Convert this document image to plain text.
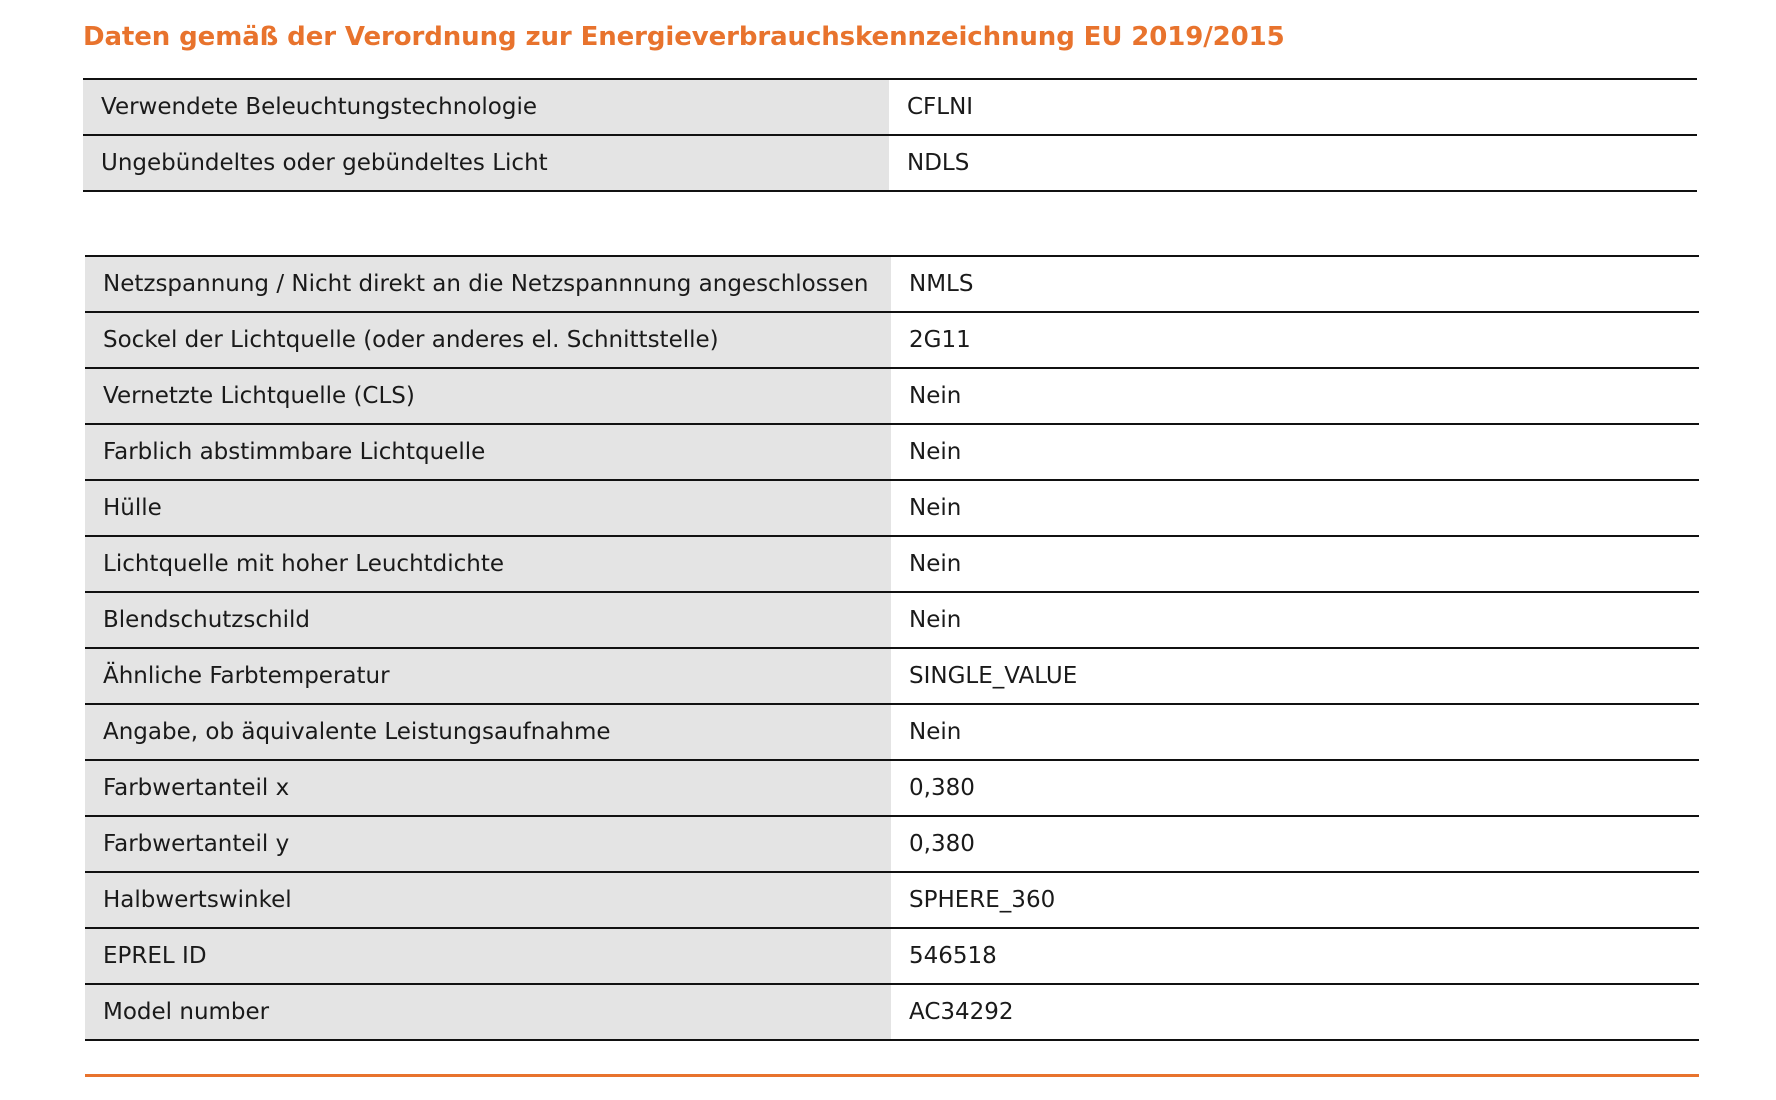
Daten gemäß der Verordnung zur Energieverbrauchskennzeichnung EU 2019/2015
Verwendete Beleuchtungstechnologie	CFLNI
Ungebündeltes oder gebündeltes Licht	NDLS
Netzspannung / Nicht direkt an die Netzspannnung angeschlossen	NMLS
Sockel der Lichtquelle (oder anderes el. Schnittstelle)	2G11
Vernetzte Lichtquelle (CLS)	Nein
Farblich abstimmbare Lichtquelle	Nein
Hülle	Nein
Lichtquelle mit hoher Leuchtdichte	Nein
Blendschutzschild	Nein
Ähnliche Farbtemperatur	SINGLE_VALUE
Angabe, ob äquivalente Leistungsaufnahme	Nein
Farbwertanteil x	0,380
Farbwertanteil y	0,380
Halbwertswinkel	SPHERE_360
EPREL ID	546518
Model number	AC34292
